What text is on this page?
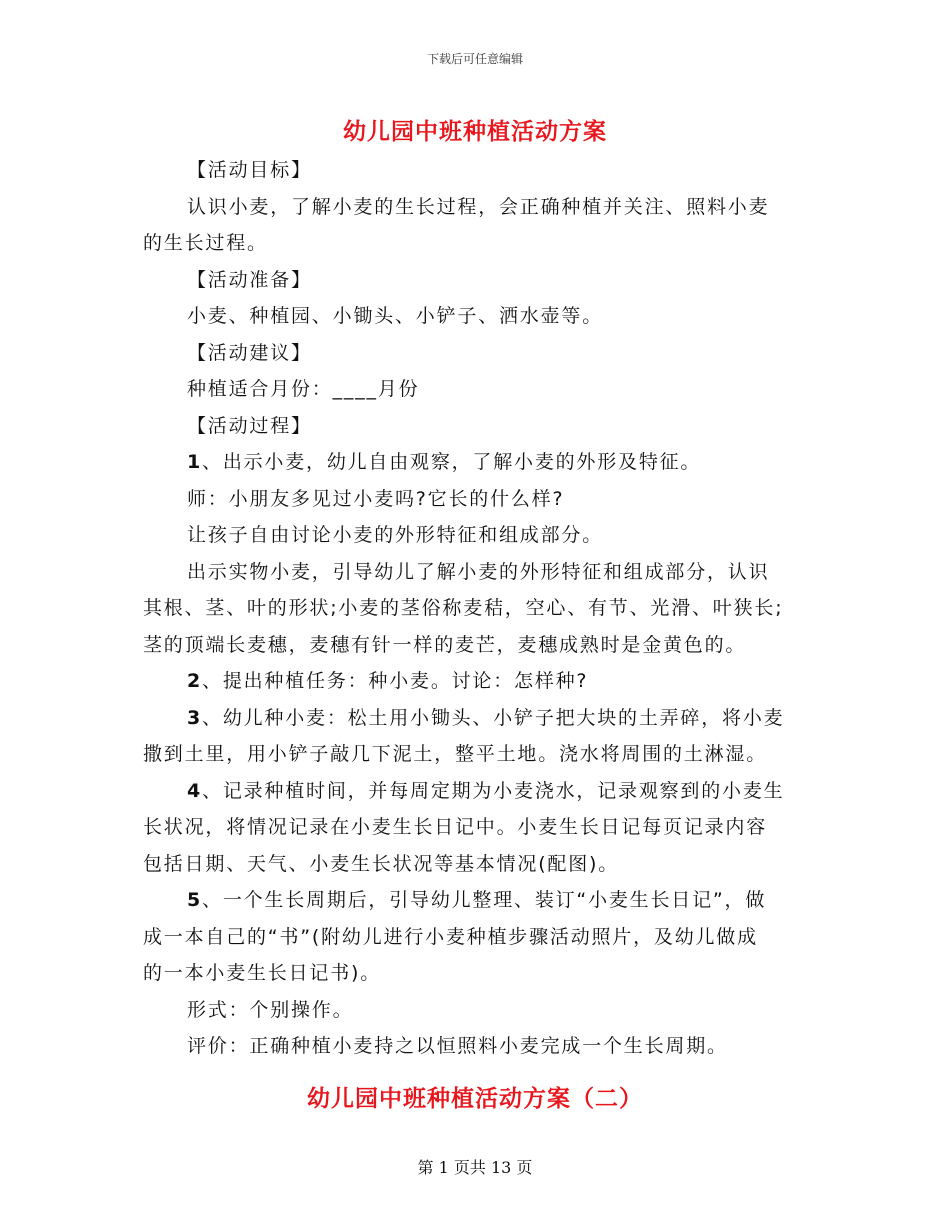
下载后可任意编辑
幼儿园中班种植活动方案

【活动目标】

认识小麦，了解小麦的生长过程，会正确种植并关注、照料小麦

的生长过程。

【活动准备】

小麦、种植园、小锄头、小铲子、洒水壶等。

【活动建议】

种植适合月份：____月份

【活动过程】

1、出示小麦，幼儿自由观察，了解小麦的外形及特征。

师：小朋友多见过小麦吗?它长的什么样?

让孩子自由讨论小麦的外形特征和组成部分。

出示实物小麦，引导幼儿了解小麦的外形特征和组成部分，认识

其根、茎、叶的形状;小麦的茎俗称麦秸，空心、有节、光滑、叶狭长;

茎的顶端长麦穗，麦穗有针一样的麦芒，麦穗成熟时是金黄色的。

2、提出种植任务：种小麦。讨论：怎样种?

3、幼儿种小麦：松土用小锄头、小铲子把大块的土弄碎，将小麦

撒到土里，用小铲子敲几下泥土，整平土地。浇水将周围的土淋湿。

4、记录种植时间，并每周定期为小麦浇水，记录观察到的小麦生

长状况，将情况记录在小麦生长日记中。小麦生长日记每页记录内容

包括日期、天气、小麦生长状况等基本情况(配图)。

5、一个生长周期后，引导幼儿整理、装订“小麦生长日记”，做

成一本自己的“书”(附幼儿进行小麦种植步骤活动照片，及幼儿做成

的一本小麦生长日记书)。

形式：个别操作。

评价：正确种植小麦持之以恒照料小麦完成一个生长周期。

幼儿园中班种植活动方案（二）
第 1 页共 13 页
